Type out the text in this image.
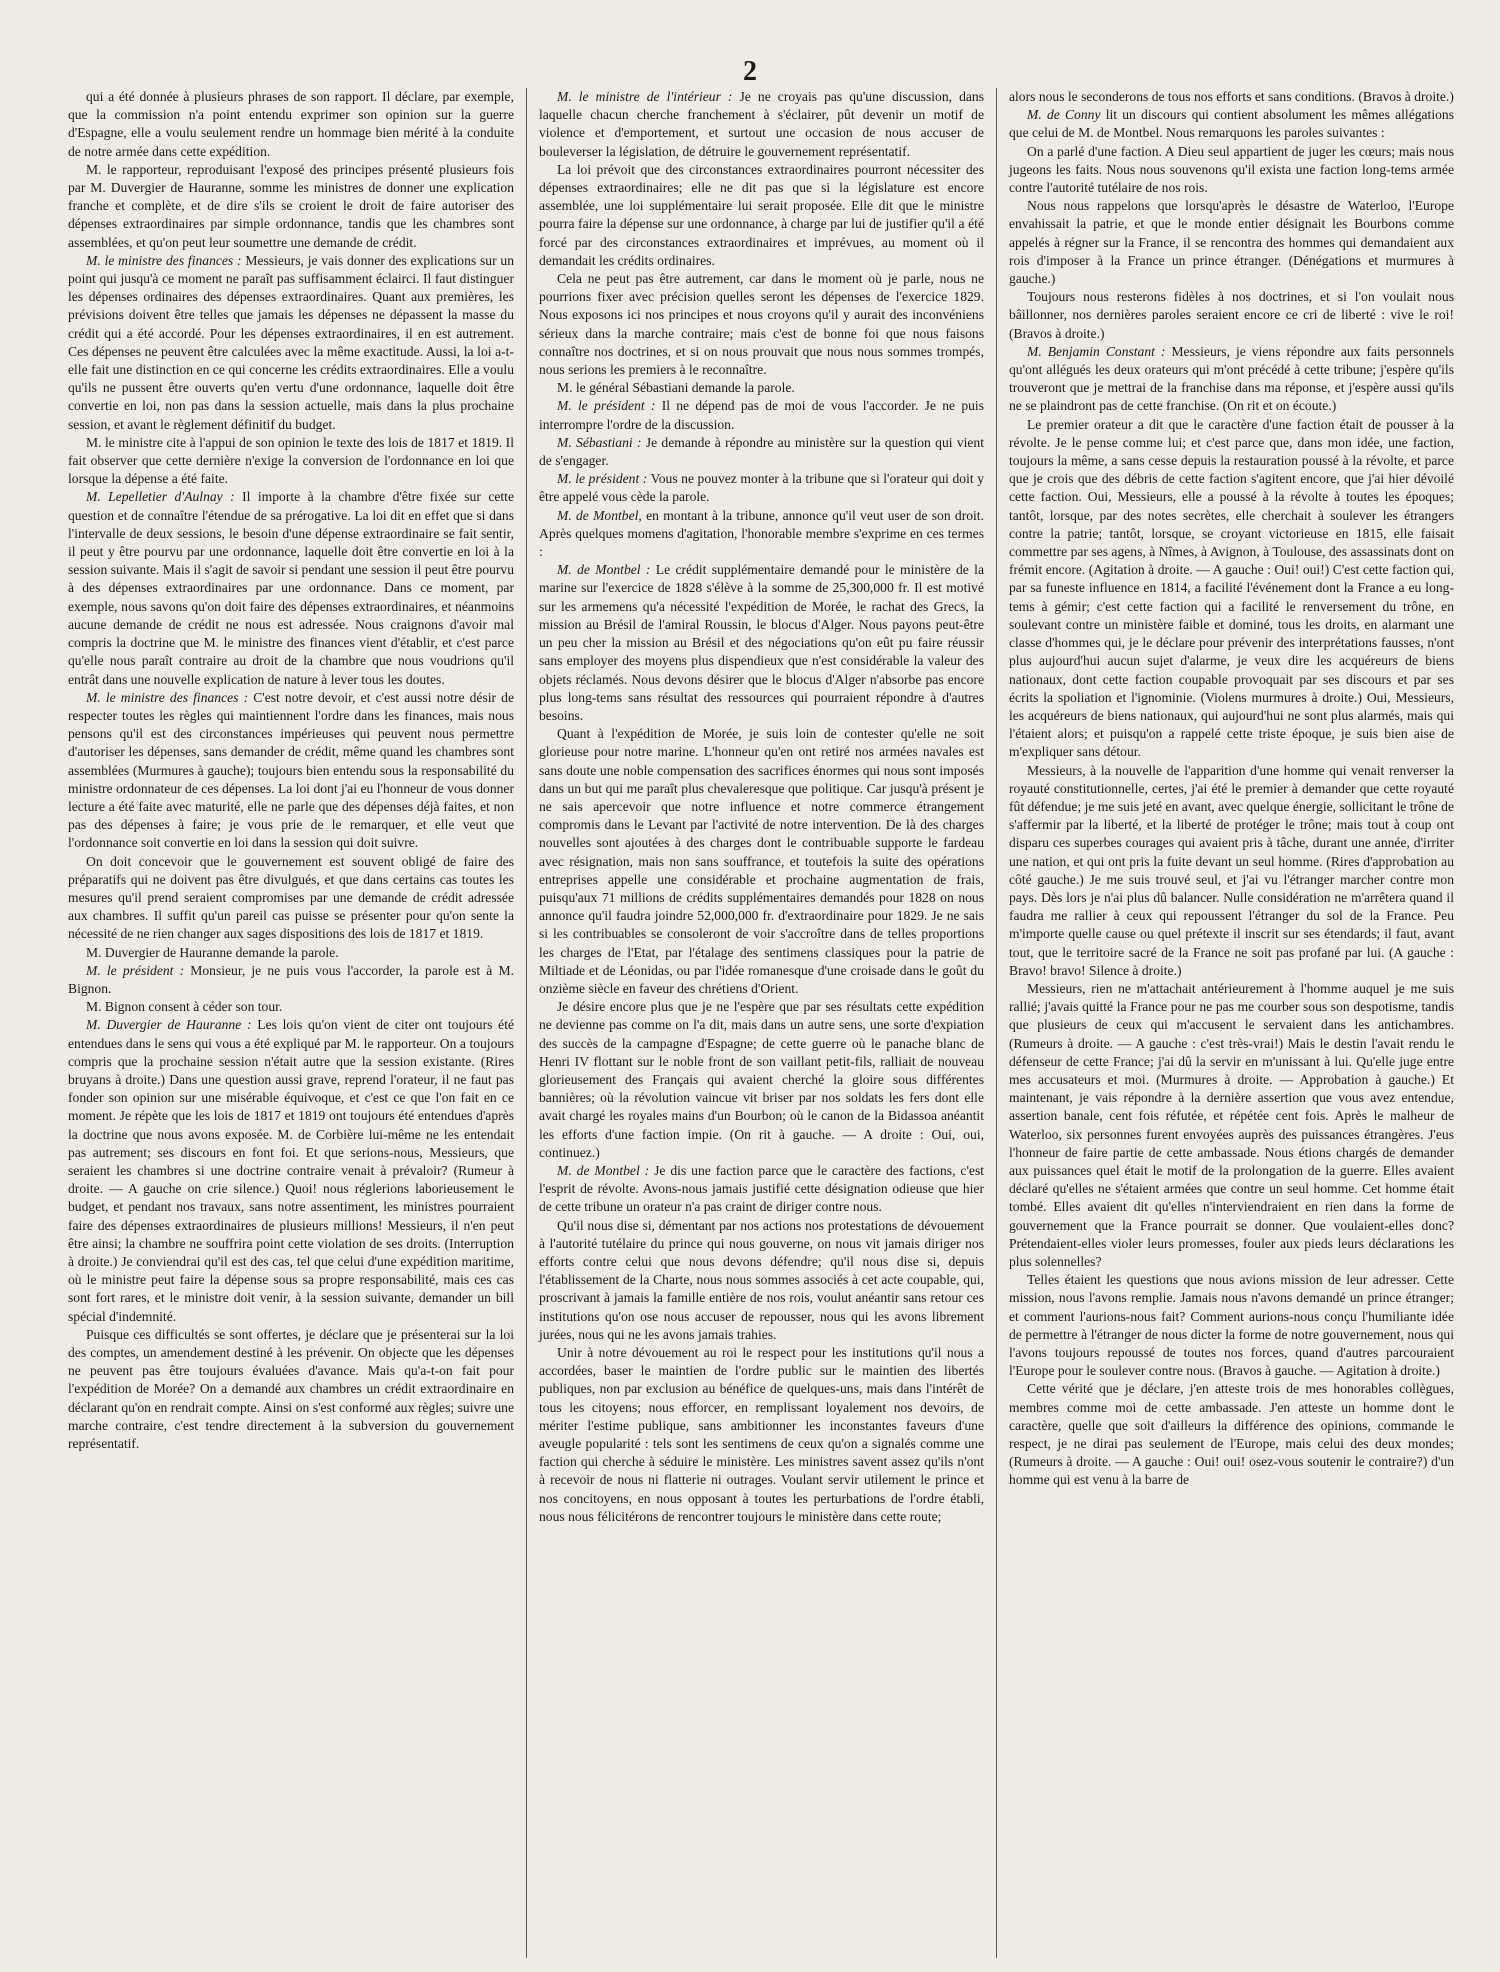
2

qui a été donnée à plusieurs phrases de son rapport. Il déclare, par exemple, que la commission n'a point entendu exprimer son opinion sur la guerre d'Espagne, elle a voulu seulement rendre un hommage bien mérité à la conduite de notre armée dans cette expédition.

M. le rapporteur, reproduisant l'exposé des principes présenté plusieurs fois par M. Duvergier de Hauranne, somme les ministres de donner une explication franche et complète, et de dire s'ils se croient le droit de faire autoriser des dépenses extraordinaires par simple ordonnance, tandis que les chambres sont assemblées, et qu'on peut leur soumettre une demande de crédit.

M. le ministre des finances : Messieurs, je vais donner des explications sur un point qui jusqu'à ce moment ne paraît pas suffisamment éclairci. Il faut distinguer les dépenses ordinaires des dépenses extraordinaires. Quant aux premières, les prévisions doivent être telles que jamais les dépenses ne dépassent la masse du crédit qui a été accordé. Pour les dépenses extraordinaires, il en est autrement. Ces dépenses ne peuvent être calculées avec la même exactitude. Aussi, la loi a-t-elle fait une distinction en ce qui concerne les crédits extraordinaires. Elle a voulu qu'ils ne pussent être ouverts qu'en vertu d'une ordonnance, laquelle doit être convertie en loi, non pas dans la session actuelle, mais dans la plus prochaine session, et avant le règlement définitif du budget.

M. le ministre cite à l'appui de son opinion le texte des lois de 1817 et 1819. Il fait observer que cette dernière n'exige la conversion de l'ordonnance en loi que lorsque la dépense a été faite.

M. Lepelletier d'Aulnay : Il importe à la chambre d'être fixée sur cette question et de connaître l'étendue de sa prérogative. La loi dit en effet que si dans l'intervalle de deux sessions, le besoin d'une dépense extraordinaire se fait sentir, il peut y être pourvu par une ordonnance, laquelle doit être convertie en loi à la session suivante. Mais il s'agit de savoir si pendant une session il peut être pourvu à des dépenses extraordinaires par une ordonnance. Dans ce moment, par exemple, nous savons qu'on doit faire des dépenses extraordinaires, et néanmoins aucune demande de crédit ne nous est adressée. Nous craignons d'avoir mal compris la doctrine que M. le ministre des finances vient d'établir, et c'est parce qu'elle nous paraît contraire au droit de la chambre que nous voudrions qu'il entrât dans une nouvelle explication de nature à lever tous les doutes.

M. le ministre des finances : C'est notre devoir, et c'est aussi notre désir de respecter toutes les règles qui maintiennent l'ordre dans les finances, mais nous pensons qu'il est des circonstances impérieuses qui peuvent nous permettre d'autoriser les dépenses, sans demander de crédit, même quand les chambres sont assemblées (Murmures à gauche); toujours bien entendu sous la responsabilité du ministre ordonnateur de ces dépenses. La loi dont j'ai eu l'honneur de vous donner lecture a été faite avec maturité, elle ne parle que des dépenses déjà faites, et non pas des dépenses à faire; je vous prie de le remarquer, et elle veut que l'ordonnance soit convertie en loi dans la session qui doit suivre.

On doit concevoir que le gouvernement est souvent obligé de faire des préparatifs qui ne doivent pas être divulgués, et que dans certains cas toutes les mesures qu'il prend seraient compromises par une demande de crédit adressée aux chambres. Il suffit qu'un pareil cas puisse se présenter pour qu'on sente la nécessité de ne rien changer aux sages dispositions des lois de 1817 et 1819.

M. Duvergier de Hauranne demande la parole.

M. le président : Monsieur, je ne puis vous l'accorder, la parole est à M. Bignon.

M. Bignon consent à céder son tour.

M. Duvergier de Hauranne : Les lois qu'on vient de citer ont toujours été entendues dans le sens qui vous a été expliqué par M. le rapporteur. On a toujours compris que la prochaine session n'était autre que la session existante. (Rires bruyans à droite.) Dans une question aussi grave, reprend l'orateur, il ne faut pas fonder son opinion sur une misérable équivoque, et c'est ce que l'on fait en ce moment. Je répète que les lois de 1817 et 1819 ont toujours été entendues d'après la doctrine que nous avons exposée. M. de Corbière lui-même ne les entendait pas autrement; ses discours en font foi. Et que serions-nous, Messieurs, que seraient les chambres si une doctrine contraire venait à prévaloir? (Rumeur à droite. — A gauche on crie silence.) Quoi! nous réglerions laborieusement le budget, et pendant nos travaux, sans notre assentiment, les ministres pourraient faire des dépenses extraordinaires de plusieurs millions! Messieurs, il n'en peut être ainsi; la chambre ne souffrira point cette violation de ses droits. (Interruption à droite.) Je conviendrai qu'il est des cas, tel que celui d'une expédition maritime, où le ministre peut faire la dépense sous sa propre responsabilité, mais ces cas sont fort rares, et le ministre doit venir, à la session suivante, demander un bill spécial d'indemnité.

Puisque ces difficultés se sont offertes, je déclare que je présenterai sur la loi des comptes, un amendement destiné à les prévenir. On objecte que les dépenses ne peuvent pas être toujours évaluées d'avance. Mais qu'a-t-on fait pour l'expédition de Morée? On a demandé aux chambres un crédit extraordinaire en déclarant qu'on en rendrait compte. Ainsi on s'est conformé aux règles; suivre une marche contraire, c'est tendre directement à la subversion du gouvernement représentatif.

M. le ministre de l'intérieur : Je ne croyais pas qu'une discussion, dans laquelle chacun cherche franchement à s'éclairer, pût devenir un motif de violence et d'emportement, et surtout une occasion de nous accuser de bouleverser la législation, de détruire le gouvernement représentatif.

La loi prévoit que des circonstances extraordinaires pourront nécessiter des dépenses extraordinaires; elle ne dit pas que si la législature est encore assemblée, une loi supplémentaire lui serait proposée. Elle dit que le ministre pourra faire la dépense sur une ordonnance, à charge par lui de justifier qu'il a été forcé par des circonstances extraordinaires et imprévues, au moment où il demandait les crédits ordinaires.

Cela ne peut pas être autrement, car dans le moment où je parle, nous ne pourrions fixer avec précision quelles seront les dépenses de l'exercice 1829. Nous exposons ici nos principes et nous croyons qu'il y aurait des inconvéniens sérieux dans la marche contraire; mais c'est de bonne foi que nous faisons connaître nos doctrines, et si on nous prouvait que nous nous sommes trompés, nous serions les premiers à le reconnaître.

M. le général Sébastiani demande la parole.

M. le président : Il ne dépend pas de moi de vous l'accorder. Je ne puis interrompre l'ordre de la discussion.

M. Sébastiani : Je demande à répondre au ministère sur la question qui vient de s'engager.

M. le président : Vous ne pouvez monter à la tribune que si l'orateur qui doit y être appelé vous cède la parole.

M. de Montbel, en montant à la tribune, annonce qu'il veut user de son droit. Après quelques momens d'agitation, l'honorable membre s'exprime en ces termes :

M. de Montbel : Le crédit supplémentaire demandé pour le ministère de la marine sur l'exercice de 1828 s'élève à la somme de 25,300,000 fr. Il est motivé sur les armemens qu'a nécessité l'expédition de Morée, le rachat des Grecs, la mission au Brésil de l'amiral Roussin, le blocus d'Alger. Nous payons peut-être un peu cher la mission au Brésil et des négociations qu'on eût pu faire réussir sans employer des moyens plus dispendieux que n'est considérable la valeur des objets réclamés. Nous devons désirer que le blocus d'Alger n'absorbe pas encore plus long-tems sans résultat des ressources qui pourraient répondre à d'autres besoins.

Quant à l'expédition de Morée, je suis loin de contester qu'elle ne soit glorieuse pour notre marine. L'honneur qu'en ont retiré nos armées navales est sans doute une noble compensation des sacrifices énormes qui nous sont imposés dans un but qui me paraît plus chevaleresque que politique. Car jusqu'à présent je ne sais apercevoir que notre influence et notre commerce étrangement compromis dans le Levant par l'activité de notre intervention. De là des charges nouvelles sont ajoutées à des charges dont le contribuable supporte le fardeau avec résignation, mais non sans souffrance, et toutefois la suite des opérations entreprises appelle une considérable et prochaine augmentation de frais, puisqu'aux 71 millions de crédits supplémentaires demandés pour 1828 on nous annonce qu'il faudra joindre 52,000,000 fr. d'extraordinaire pour 1829. Je ne sais si les contribuables se consoleront de voir s'accroître dans de telles proportions les charges de l'Etat, par l'étalage des sentimens classiques pour la patrie de Miltiade et de Léonidas, ou par l'idée romanesque d'une croisade dans le goût du onzième siècle en faveur des chrétiens d'Orient.

Je désire encore plus que je ne l'espère que par ses résultats cette expédition ne devienne pas comme on l'a dit, mais dans un autre sens, une sorte d'expiation des succès de la campagne d'Espagne; de cette guerre où le panache blanc de Henri IV flottant sur le noble front de son vaillant petit-fils, ralliait de nouveau glorieusement des Français qui avaient cherché la gloire sous différentes bannières; où la révolution vaincue vit briser par nos soldats les fers dont elle avait chargé les royales mains d'un Bourbon; où le canon de la Bidassoa anéantit les efforts d'une faction impie. (On rit à gauche. — A droite : Oui, oui, continuez.)

M. de Montbel : Je dis une faction parce que le caractère des factions, c'est l'esprit de révolte. Avons-nous jamais justifié cette désignation odieuse que hier de cette tribune un orateur n'a pas craint de diriger contre nous.

Qu'il nous dise si, démentant par nos actions nos protestations de dévouement à l'autorité tutélaire du prince qui nous gouverne, on nous vit jamais diriger nos efforts contre celui que nous devons défendre; qu'il nous dise si, depuis l'établissement de la Charte, nous nous sommes associés à cet acte coupable, qui, proscrivant à jamais la famille entière de nos rois, voulut anéantir sans retour ces institutions qu'on ose nous accuser de repousser, nous qui les avons librement jurées, nous qui ne les avons jamais trahies.

Unir à notre dévouement au roi le respect pour les institutions qu'il nous a accordées, baser le maintien de l'ordre public sur le maintien des libertés publiques, non par exclusion au bénéfice de quelques-uns, mais dans l'intérêt de tous les citoyens; nous efforcer, en remplissant loyalement nos devoirs, de mériter l'estime publique, sans ambitionner les inconstantes faveurs d'une aveugle popularité : tels sont les sentimens de ceux qu'on a signalés comme une faction qui cherche à séduire le ministère. Les ministres savent assez qu'ils n'ont à recevoir de nous ni flatterie ni outrages. Voulant servir utilement le prince et nos concitoyens, en nous opposant à toutes les perturbations de l'ordre établi, nous nous félicitérons de rencontrer toujours le ministère dans cette route;

alors nous le seconderons de tous nos efforts et sans conditions. (Bravos à droite.)

M. de Conny lit un discours qui contient absolument les mêmes allégations que celui de M. de Montbel. Nous remarquons les paroles suivantes :

On a parlé d'une faction. A Dieu seul appartient de juger les cœurs; mais nous jugeons les faits. Nous nous souvenons qu'il exista une faction long-tems armée contre l'autorité tutélaire de nos rois.

Nous nous rappelons que lorsqu'après le désastre de Waterloo, l'Europe envahissait la patrie, et que le monde entier désignait les Bourbons comme appelés à régner sur la France, il se rencontra des hommes qui demandaient aux rois d'imposer à la France un prince étranger. (Dénégations et murmures à gauche.)

Toujours nous resterons fidèles à nos doctrines, et si l'on voulait nous bâillonner, nos dernières paroles seraient encore ce cri de liberté : vive le roi! (Bravos à droite.)

M. Benjamin Constant : Messieurs, je viens répondre aux faits personnels qu'ont allégués les deux orateurs qui m'ont précédé à cette tribune; j'espère qu'ils trouveront que je mettrai de la franchise dans ma réponse, et j'espère aussi qu'ils ne se plaindront pas de cette franchise. (On rit et on écoute.)

Le premier orateur a dit que le caractère d'une faction était de pousser à la révolte. Je le pense comme lui; et c'est parce que, dans mon idée, une faction, toujours la même, a sans cesse depuis la restauration poussé à la révolte, et parce que je crois que des débris de cette faction s'agitent encore, que j'ai hier dévoilé cette faction. Oui, Messieurs, elle a poussé à la révolte à toutes les époques; tantôt, lorsque, par des notes secrètes, elle cherchait à soulever les étrangers contre la patrie; tantôt, lorsque, se croyant victorieuse en 1815, elle faisait commettre par ses agens, à Nîmes, à Avignon, à Toulouse, des assassinats dont on frémit encore. (Agitation à droite. — A gauche : Oui! oui!) C'est cette faction qui, par sa funeste influence en 1814, a facilité l'événement dont la France a eu long-tems à gémir; c'est cette faction qui a facilité le renversement du trône, en soulevant contre un ministère faible et dominé, tous les droits, en alarmant une classe d'hommes qui, je le déclare pour prévenir des interprétations fausses, n'ont plus aujourd'hui aucun sujet d'alarme, je veux dire les acquéreurs de biens nationaux, dont cette faction coupable provoquait par ses discours et par ses écrits la spoliation et l'ignominie. (Violens murmures à droite.) Oui, Messieurs, les acquéreurs de biens nationaux, qui aujourd'hui ne sont plus alarmés, mais qui l'étaient alors; et puisqu'on a rappelé cette triste époque, je suis bien aise de m'expliquer sans détour.

Messieurs, à la nouvelle de l'apparition d'une homme qui venait renverser la royauté constitutionnelle, certes, j'ai été le premier à demander que cette royauté fût défendue; je me suis jeté en avant, avec quelque énergie, sollicitant le trône de s'affermir par la liberté, et la liberté de protéger le trône; mais tout à coup ont disparu ces superbes courages qui avaient pris à tâche, durant une année, d'irriter une nation, et qui ont pris la fuite devant un seul homme. (Rires d'approbation au côté gauche.) Je me suis trouvé seul, et j'ai vu l'étranger marcher contre mon pays. Dès lors je n'ai plus dû balancer. Nulle considération ne m'arrêtera quand il faudra me rallier à ceux qui repoussent l'étranger du sol de la France. Peu m'importe quelle cause ou quel prétexte il inscrit sur ses étendards; il faut, avant tout, que le territoire sacré de la France ne soit pas profané par lui. (A gauche : Bravo! bravo! Silence à droite.)

Messieurs, rien ne m'attachait antérieurement à l'homme auquel je me suis rallié; j'avais quitté la France pour ne pas me courber sous son despotisme, tandis que plusieurs de ceux qui m'accusent le servaient dans les antichambres. (Rumeurs à droite. — A gauche : c'est très-vrai!) Mais le destin l'avait rendu le défenseur de cette France; j'ai dû la servir en m'unissant à lui. Qu'elle juge entre mes accusateurs et moi. (Murmures à droite. — Approbation à gauche.) Et maintenant, je vais répondre à la dernière assertion que vous avez entendue, assertion banale, cent fois réfutée, et répétée cent fois. Après le malheur de Waterloo, six personnes furent envoyées auprès des puissances étrangères. J'eus l'honneur de faire partie de cette ambassade. Nous étions chargés de demander aux puissances quel était le motif de la prolongation de la guerre. Elles avaient déclaré qu'elles ne s'étaient armées que contre un seul homme. Cet homme était tombé. Elles avaient dit qu'elles n'interviendraient en rien dans la forme de gouvernement que la France pourrait se donner. Que voulaient-elles donc? Prétendaient-elles violer leurs promesses, fouler aux pieds leurs déclarations les plus solennelles?

Telles étaient les questions que nous avions mission de leur adresser. Cette mission, nous l'avons remplie. Jamais nous n'avons demandé un prince étranger; et comment l'aurions-nous fait? Comment aurions-nous conçu l'humiliante idée de permettre à l'étranger de nous dicter la forme de notre gouvernement, nous qui l'avons toujours repoussé de toutes nos forces, quand d'autres parcouraient l'Europe pour le soulever contre nous. (Bravos à gauche. — Agitation à droite.)

Cette vérité que je déclare, j'en atteste trois de mes honorables collègues, membres comme moi de cette ambassade. J'en atteste un homme dont le caractère, quelle que soit d'ailleurs la différence des opinions, commande le respect, je ne dirai pas seulement de l'Europe, mais celui des deux mondes; (Rumeurs à droite. — A gauche : Oui! oui! osez-vous soutenir le contraire?) d'un homme qui est venu à la barre de
